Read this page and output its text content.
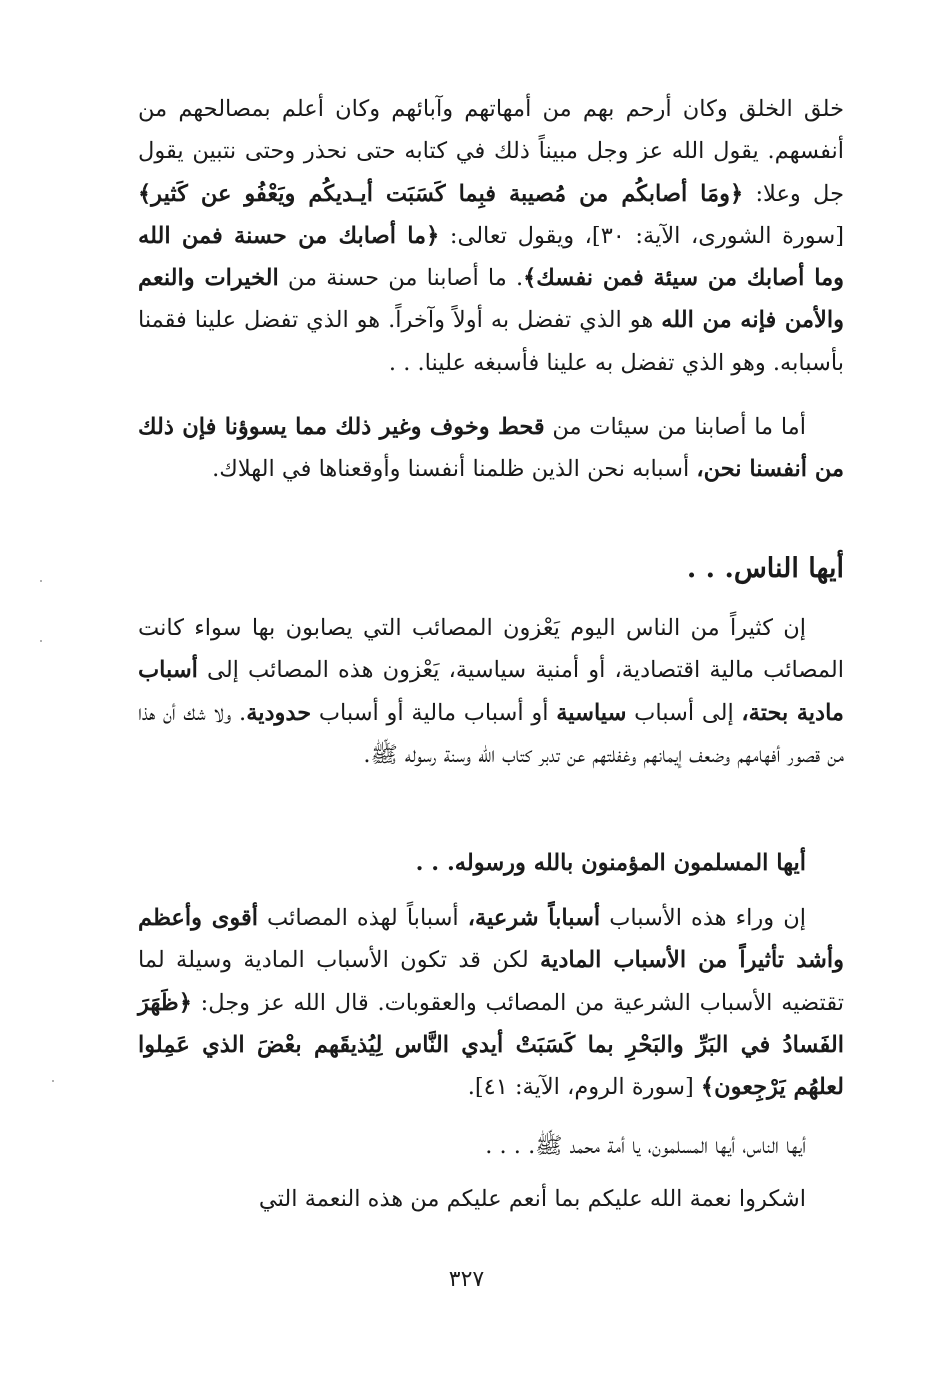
خلق الخلق وكان أرحم بهم من أمهاتهم وآبائهم وكان أعلم بمصالحهم من أنفسهم. يقول الله عز وجل مبيناً ذلك في كتابه حتى نحذر وحتى نتبين يقول جل وعلا: ﴿ومَا أصابكُم من مُصيبة فبِما كَسَبَت أيـديكُم ويَعْفُو عن كَثير﴾ [سورة الشورى، الآية: ٣٠]، ويقول تعالى: ﴿ما أصابك من حسنة فمن الله وما أصابك من سيئة فمن نفسك﴾. ما أصابنا من حسنة من الخيرات والنعم والأمن فإنه من الله هو الذي تفضل به أولاً وآخراً. هو الذي تفضل علينا فقمنا بأسبابه. وهو الذي تفضل به علينا فأسبغه علينا. . .

أما ما أصابنا من سيئات من قحط وخوف وغير ذلك مما يسوؤنا فإن ذلك من أنفسنا نحن، أسبابه نحن الذين ظلمنا أنفسنا وأوقعناها في الهلاك.

أيها الناس. . .

إن كثيراً من الناس اليوم يَعْزون المصائب التي يصابون بها سواء كانت المصائب مالية اقتصادية، أو أمنية سياسية، يَعْزون هذه المصائب إلى أسباب مادية بحتة، إلى أسباب سياسية أو أسباب مالية أو أسباب حدودية. ولا شك أن هذا من قصور أفهامهم وضعف إيمانهم وغفلتهم عن تدبر كتاب الله وسنة رسوله ﷺ.

أيها المسلمون المؤمنون بالله ورسوله. . .

إن وراء هذه الأسباب أسباباً شرعية، أسباباً لهذه المصائب أقوى وأعظم وأشد تأثيراً من الأسباب المادية لكن قد تكون الأسباب المادية وسيلة لما تقتضيه الأسباب الشرعية من المصائب والعقوبات. قال الله عز وجل: ﴿ظَهَرَ الفَسادُ في البَرِّ والبَحْرِ بما كَسَبَتْ أيدي النَّاس لِيُذيقَهم بعْضَ الذي عَمِلوا لعلهُم يَرْجِعون﴾ [سورة الروم، الآية: ٤١].

أيها الناس، أيها المسلمون، يا أمة محمد ﷺ. . . .
اشكروا نعمة الله عليكم بما أنعم عليكم من هذه النعمة التي
٣٢٧
